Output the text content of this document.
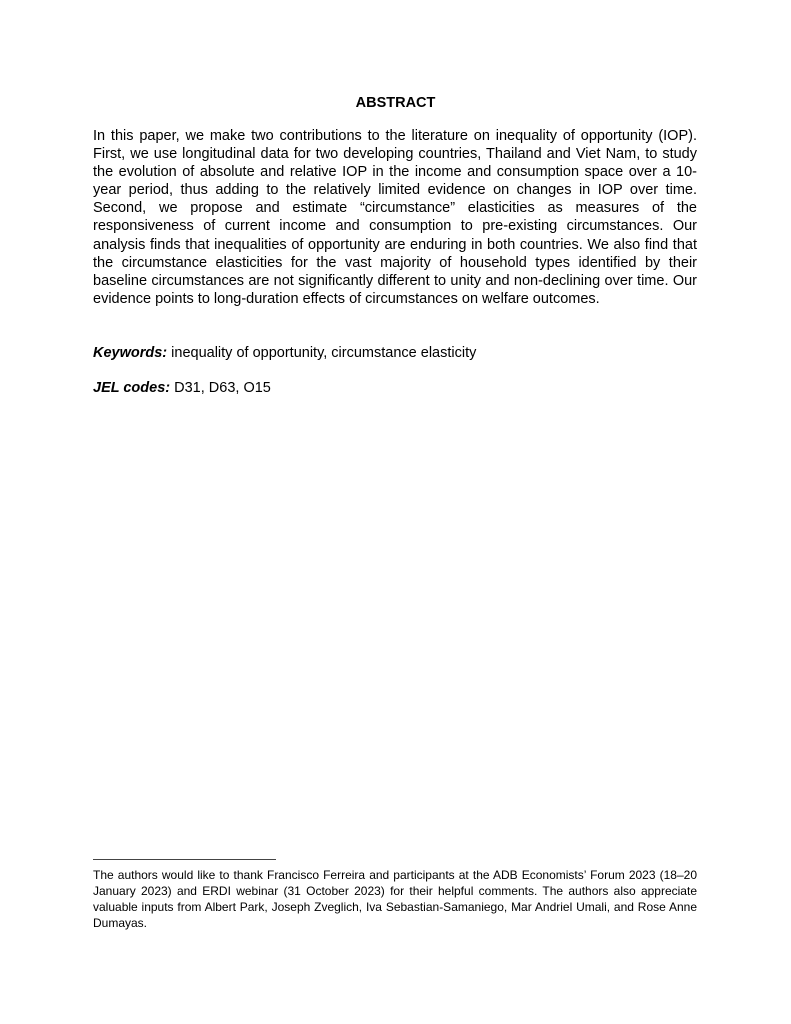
ABSTRACT

In this paper, we make two contributions to the literature on inequality of opportunity (IOP). First, we use longitudinal data for two developing countries, Thailand and Viet Nam, to study the evolution of absolute and relative IOP in the income and consumption space over a 10-year period, thus adding to the relatively limited evidence on changes in IOP over time. Second, we propose and estimate “circumstance” elasticities as measures of the responsiveness of current income and consumption to pre-existing circumstances. Our analysis finds that inequalities of opportunity are enduring in both countries. We also find that the circumstance elasticities for the vast majority of household types identified by their baseline circumstances are not significantly different to unity and non-declining over time. Our evidence points to long-duration effects of circumstances on welfare outcomes.

Keywords: inequality of opportunity, circumstance elasticity

JEL codes: D31, D63, O15

The authors would like to thank Francisco Ferreira and participants at the ADB Economists’ Forum 2023 (18–20 January 2023) and ERDI webinar (31 October 2023) for their helpful comments. The authors also appreciate valuable inputs from Albert Park, Joseph Zveglich, Iva Sebastian-Samaniego, Mar Andriel Umali, and Rose Anne Dumayas.
